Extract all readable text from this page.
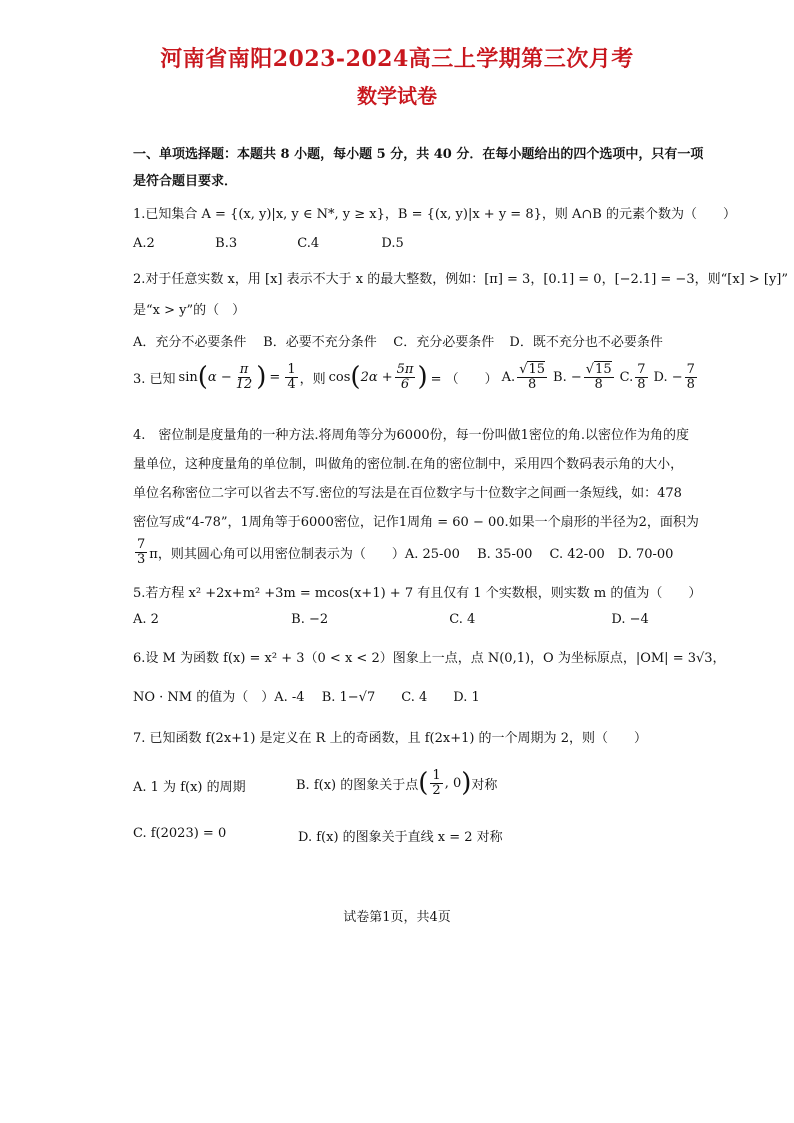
河南省南阳2023-2024高三上学期第三次月考
数学试卷
一、单项选择题：本题共 8 小题，每小题 5 分，共 40 分．在每小题给出的四个选项中，只有一项
是符合题目要求．
1.已知集合 A = {(x, y)|x, y ∈ N*, y ≥ x}，B = {(x, y)|x + y = 8}，则 A∩B 的元素个数为（　　）
A.2	B.3	C.4	D.5
2.对于任意实数 x，用 [x] 表示不大于 x 的最大整数，例如：[π] = 3，[0.1] = 0，[−2.1] = −3，则“[x] > [y]”
是“x > y”的（　）
A．充分不必要条件 B．必要不充分条件 C．充分必要条件 D．既不充分也不必要条件
3. 已知 sin ( $\alpha - \frac{\pi}{12}$ ) = $\frac{1}{4}$ ，则 cos ( $2\alpha + \frac{5\pi}{6}$ ) = （　　） A. $\frac{√15}{8} B$. − $\frac{√15}{8} C$. $\frac{7}{8} D$. − $\frac{7}{8}$
4.　密位制是度量角的一种方法.将周角等分为6000份，每一份叫做1密位的角.以密位作为角的度
量单位，这种度量角的单位制，叫做角的密位制.在角的密位制中，采用四个数码表示角的大小，
单位名称密位二字可以省去不写.密位的写法是在百位数字与十位数字之间画一条短线，如：478
密位写成“4-78”，1周角等于6000密位，记作1周角 = 60 − 00.如果一个扇形的半径为2，面积为
$\frac{7}{3}$ π，则其圆心角可以用密位制表示为（　　）A. 25-00　 B. 35-00　 C. 42-00　D. 70-00
5.若方程 x² +2x+m² +3m = mcos(x+1) + 7 有且仅有 1 个实数根，则实数 m 的值为（　　）
A. 2	B. −2	C. 4	D. −4
6.设 M 为函数 f(x) = x² + 3（0 < x < 2）图象上一点，点 N(0,1)，O 为坐标原点，|OM| = 3√3，
NO · NM 的值为（　）A. -4　 B. 1−√7　　C. 4　　D. 1
7. 已知函数 f(2x+1) 是定义在 R 上的奇函数，且 f(2x+1) 的一个周期为 2，则（　　）
A. 1 为 f(x) 的周期	B. f(x) 的图象关于点 ( $\frac{1}{2}$ , 0 ) 对称
C. f(2023) = 0	D. f(x) 的图象关于直线 x = 2 对称
试卷第1页，共4页
